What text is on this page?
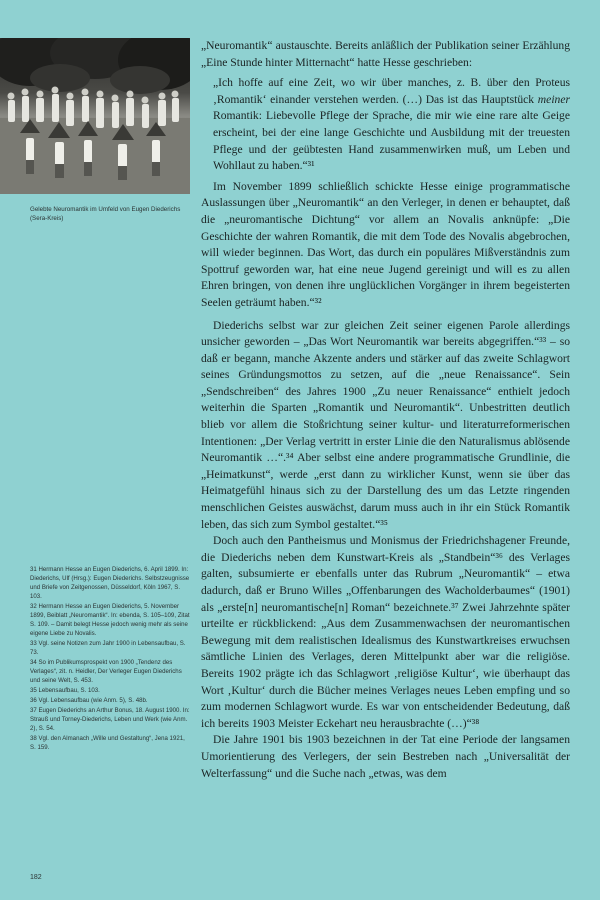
Gelebte Neuromantik im Umfeld von Eugen Diederichs (Sera-Kreis)

31 Hermann Hesse an Eugen Diederichs, 6. April 1899. In: Diederichs, Ulf (Hrsg.): Eugen Diederichs. Selbstzeugnisse und Briefe von Zeitgenossen, Düsseldorf, Köln 1967, S. 103.

32 Hermann Hesse an Eugen Diederichs, 5. November 1899, Beiblatt „Neuromantik“. In: ebenda, S. 105–109, Zitat S. 109. – Damit belegt Hesse jedoch wenig mehr als seine eigene Liebe zu Novalis.

33 Vgl. seine Notizen zum Jahr 1900 in Lebensaufbau, S. 73.

34 So im Publikumsprospekt von 1900 „Tendenz des Verlages“, zit. n. Heidler, Der Verleger Eugen Diederichs und seine Welt, S. 453.

35 Lebensaufbau, S. 103.

36 Vgl. Lebensaufbau (wie Anm. 5), S. 48b.

37 Eugen Diederichs an Arthur Bonus, 18. August 1900. In: Strauß und Torney-Diederichs, Leben und Werk (wie Anm. 2), S. 54.

38 Vgl. den Almanach „Wille und Gestaltung“, Jena 1921, S. 159.

182

„Neuromantik“ austauschte. Bereits anläßlich der Publikation seiner Erzählung „Eine Stunde hinter Mitternacht“ hatte Hesse geschrieben:

„Ich hoffe auf eine Zeit, wo wir über manches, z. B. über den Proteus ‚Romantik‘ einander verstehen werden. (…) Das ist das Hauptstück meiner Romantik: Liebevolle Pflege der Sprache, die mir wie eine rare alte Geige erscheint, bei der eine lange Geschichte und Ausbildung mit der treuesten Pflege und der geübtesten Hand zusammenwirken muß, um Leben und Wohllaut zu haben.“³¹

Im November 1899 schließlich schickte Hesse einige programmatische Auslassungen über „Neuromantik“ an den Verleger, in denen er behauptet, daß die „neuromantische Dichtung“ vor allem an Novalis anknüpfe: „Die Geschichte der wahren Romantik, die mit dem Tode des Novalis abgebrochen, will wieder beginnen. Das Wort, das durch ein populäres Mißverständnis zum Spottruf geworden war, hat eine neue Jugend gereinigt und will es zu allen Ehren bringen, von denen ihre unglücklichen Vorgänger in ihrem begeisterten Seelen geträumt haben.“³²

Diederichs selbst war zur gleichen Zeit seiner eigenen Parole allerdings unsicher geworden – „Das Wort Neuromantik war bereits abgegriffen.“³³ – so daß er begann, manche Akzente anders und stärker auf das zweite Schlagwort seines Gründungsmottos zu setzen, auf die „neue Renaissance“. Sein „Sendschreiben“ des Jahres 1900 „Zu neuer Renaissance“ enthielt jedoch weiterhin die Sparten „Romantik und Neuromantik“. Unbestritten deutlich blieb vor allem die Stoßrichtung seiner kultur- und literaturreformerischen Intentionen: „Der Verlag vertritt in erster Linie die den Naturalismus ablösende Neuromantik …“.³⁴ Aber selbst eine andere programmatische Grundlinie, die „Heimatkunst“, werde „erst dann zu wirklicher Kunst, wenn sie über das Heimatgefühl hinaus sich zu der Darstellung des um das Letzte ringenden menschlichen Geistes auswächst, darum muss auch in ihr ein Stück Romantik leben, das sich zum Symbol gestaltet.“³⁵

Doch auch den Pantheismus und Monismus der Friedrichshagener Freunde, die Diederichs neben dem Kunstwart-Kreis als „Standbein“³⁶ des Verlages galten, subsumierte er ebenfalls unter das Rubrum „Neuromantik“ – etwa dadurch, daß er Bruno Willes „Offenbarungen des Wacholderbaumes“ (1901) als „erste[n] neuromantische[n] Roman“ bezeichnete.³⁷ Zwei Jahrzehnte später urteilte er rückblickend: „Aus dem Zusammenwachsen der neuromantischen Bewegung mit dem realistischen Idealismus des Kunstwartkreises erwuchsen sämtliche Linien des Verlages, deren Mittelpunkt aber war die religiöse. Bereits 1902 prägte ich das Schlagwort ‚religiöse Kultur‘, wie überhaupt das Wort ‚Kultur‘ durch die Bücher meines Verlages neues Leben empfing und so zum modernen Schlagwort wurde. Es war von entscheidender Bedeutung, daß ich bereits 1903 Meister Eckehart neu herausbrachte (…)“³⁸

Die Jahre 1901 bis 1903 bezeichnen in der Tat eine Periode der langsamen Umorientierung des Verlegers, der sein Bestreben nach „Universalität der Welterfassung“ und die Suche nach „etwas, was dem
